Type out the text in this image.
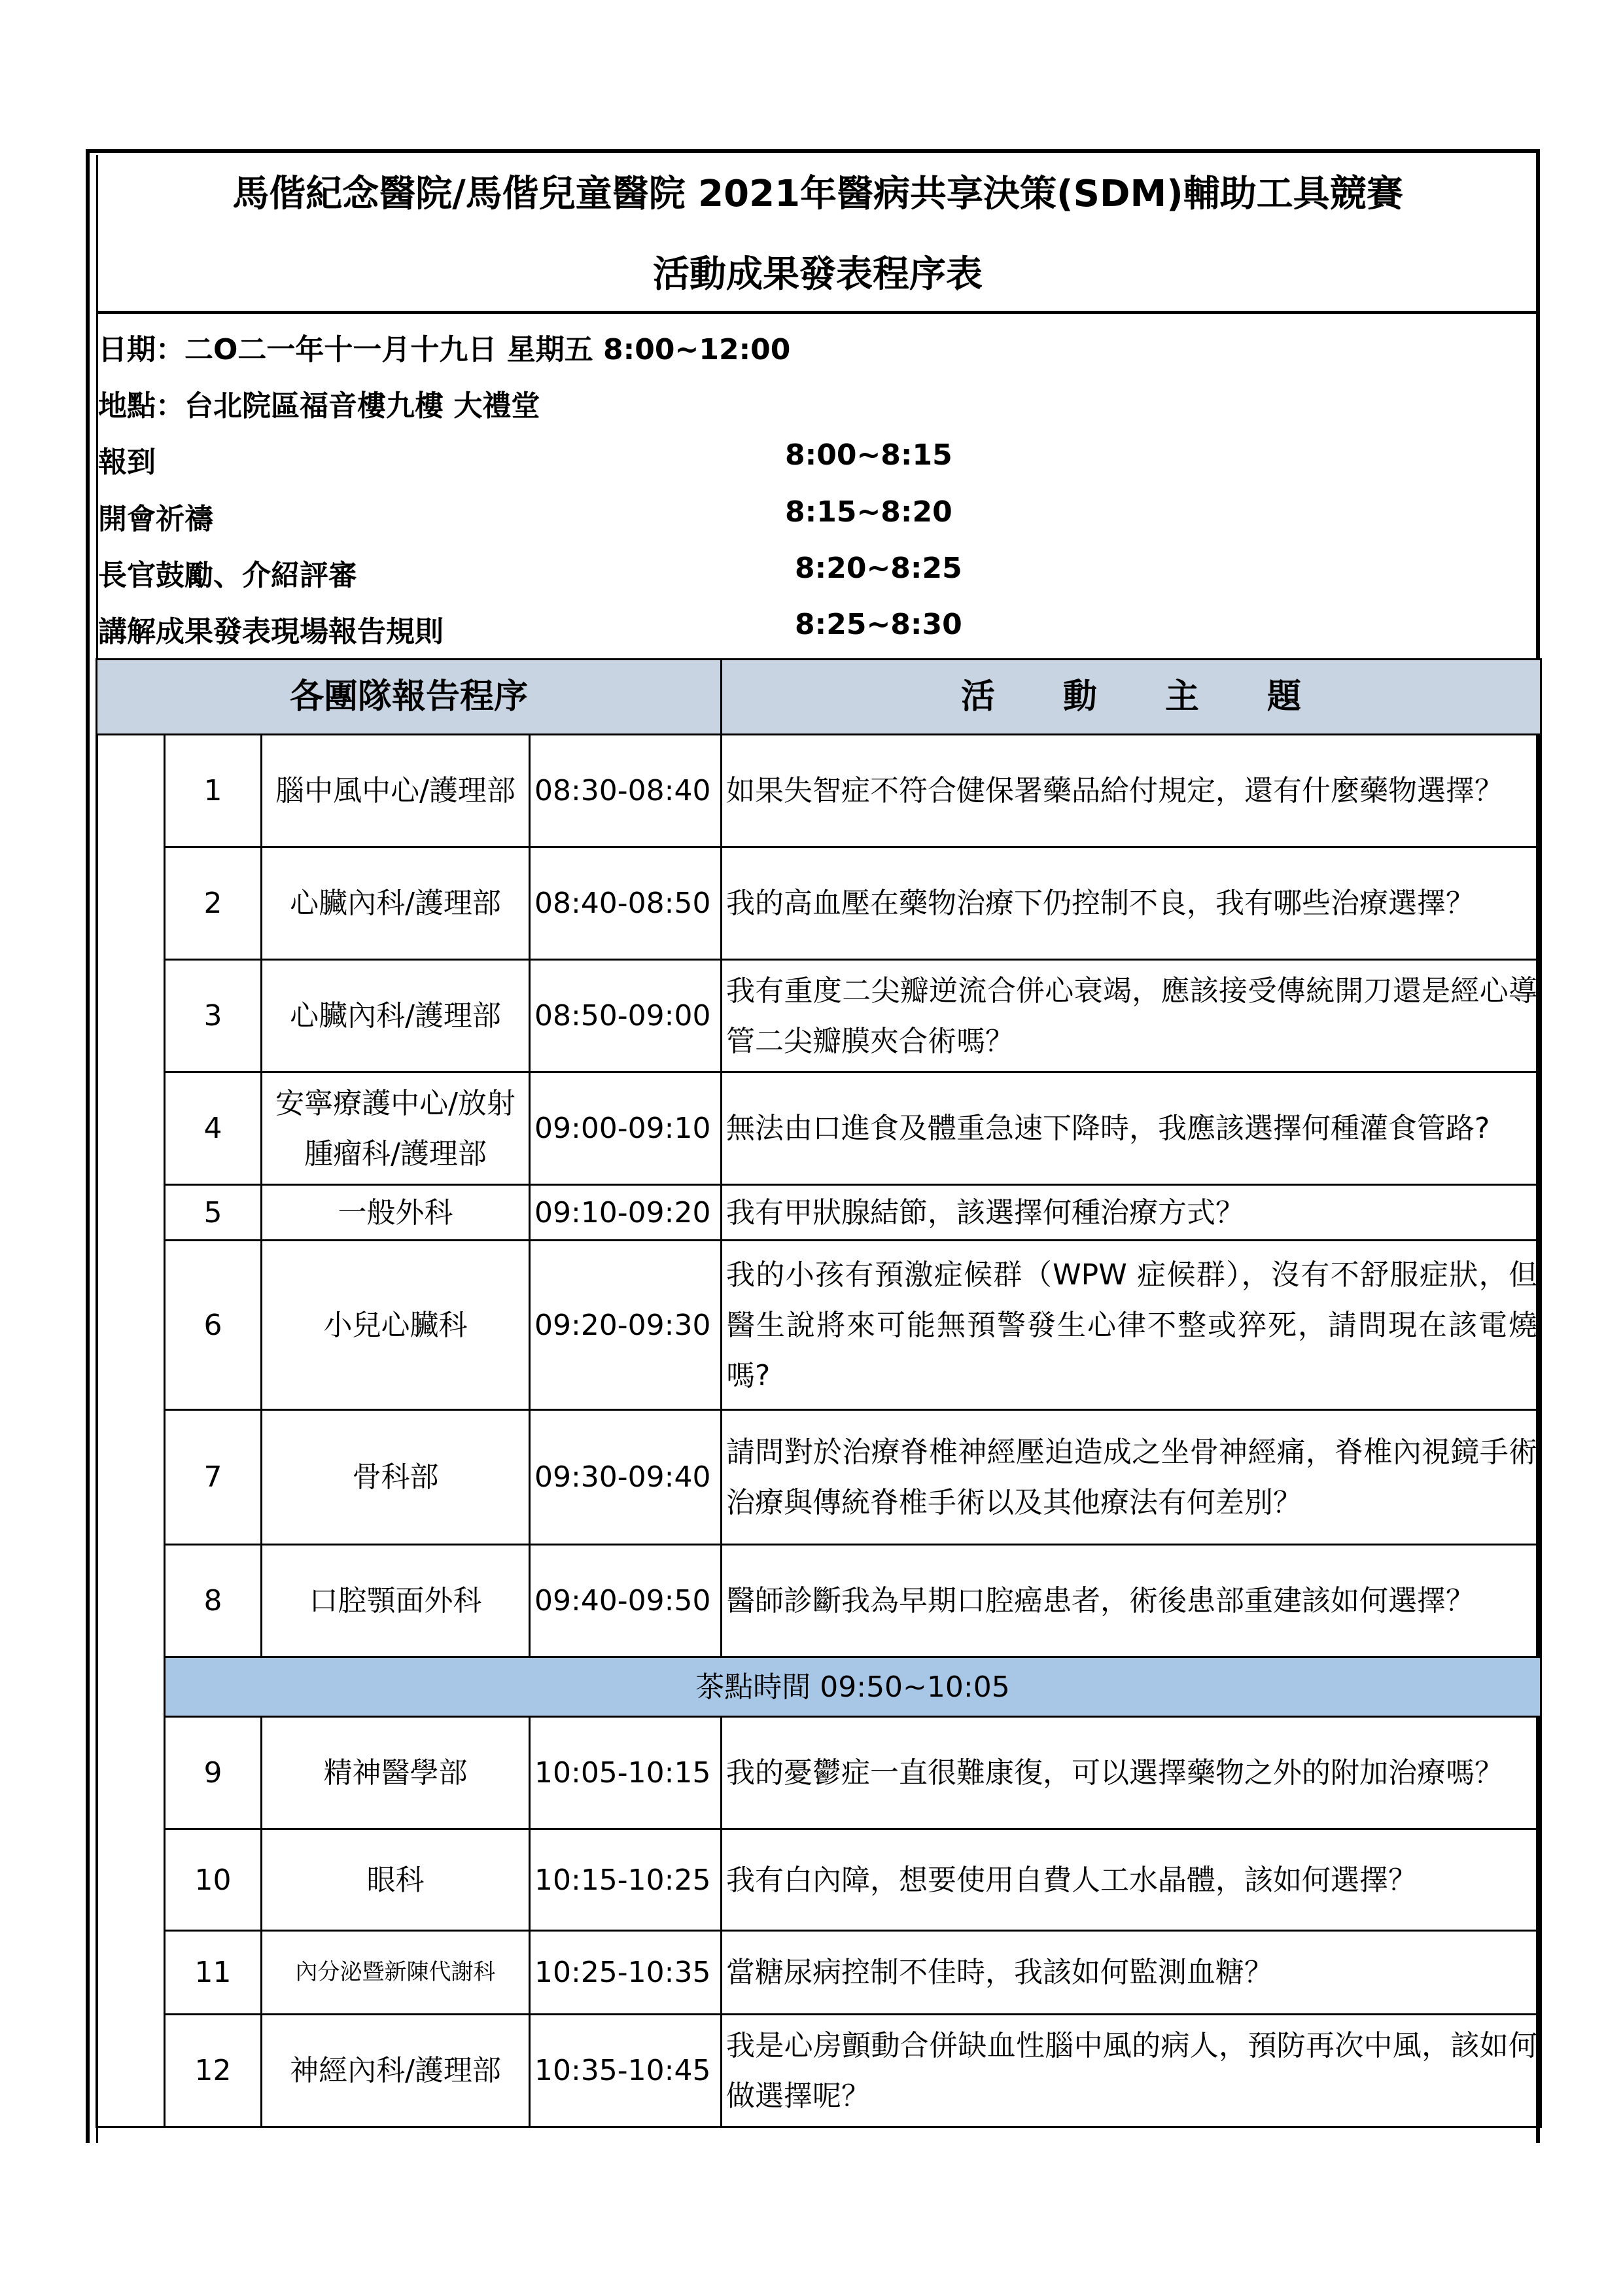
馬偕紀念醫院/馬偕兒童醫院 2021年醫病共享決策(SDM)輔助工具競賽
活動成果發表程序表
日期：二O二一年十一月十九日 星期五 8:00~12:00
地點：台北院區福音樓九樓 大禮堂
報到	8:00~8:15
開會祈禱	8:15~8:20
長官鼓勵、介紹評審	8:20~8:25
講解成果發表現場報告規則	8:25~8:30
各團隊報告程序				活　　動　　主　　題
	1	腦中風中心/護理部	08:30-08:40	如果失智症不符合健保署藥品給付規定，還有什麼藥物選擇？
	2	心臟內科/護理部	08:40-08:50	我的高血壓在藥物治療下仍控制不良，我有哪些治療選擇？
	3	心臟內科/護理部	08:50-09:00	我有重度二尖瓣逆流合併心衰竭，應該接受傳統開刀還是經心導管二尖瓣膜夾合術嗎？
	4	安寧療護中心/放射腫瘤科/護理部	09:00-09:10	無法由口進食及體重急速下降時，我應該選擇何種灌食管路?
	5	一般外科	09:10-09:20	我有甲狀腺結節，該選擇何種治療方式？
	6	小兒心臟科	09:20-09:30	我的小孩有預激症候群（WPW 症候群），沒有不舒服症狀，但醫生說將來可能無預警發生心律不整或猝死，請問現在該電燒嗎?
	7	骨科部	09:30-09:40	請問對於治療脊椎神經壓迫造成之坐骨神經痛，脊椎內視鏡手術治療與傳統脊椎手術以及其他療法有何差別？
	8	口腔顎面外科	09:40-09:50	醫師診斷我為早期口腔癌患者，術後患部重建該如何選擇？
	茶點時間 09:50~10:05			
	9	精神醫學部	10:05-10:15	我的憂鬱症一直很難康復，可以選擇藥物之外的附加治療嗎？
	10	眼科	10:15-10:25	我有白內障，想要使用自費人工水晶體，該如何選擇？
	11	內分泌暨新陳代謝科	10:25-10:35	當糖尿病控制不佳時，我該如何監測血糖？
	12	神經內科/護理部	10:35-10:45	我是心房顫動合併缺血性腦中風的病人，預防再次中風，該如何做選擇呢？
